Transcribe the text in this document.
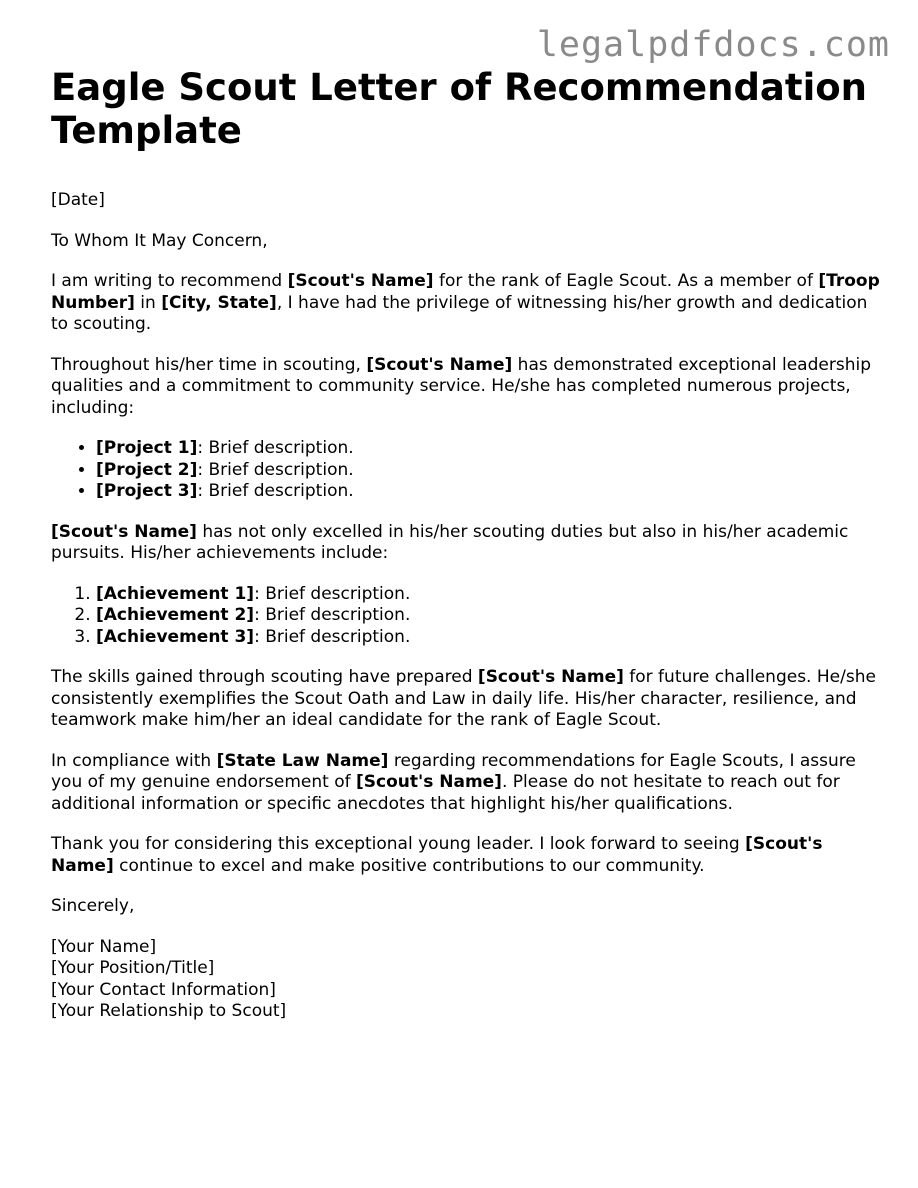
legalpdfdocs.com
Eagle Scout Letter of Recommendation Template

[Date]

To Whom It May Concern,

I am writing to recommend [Scout's Name] for the rank of Eagle Scout. As a member of [Troop Number] in [City, State], I have had the privilege of witnessing his/her growth and dedication to scouting.

Throughout his/her time in scouting, [Scout's Name] has demonstrated exceptional leadership qualities and a commitment to community service. He/she has completed numerous projects, including:

• [Project 1]: Brief description.
• [Project 2]: Brief description.
• [Project 3]: Brief description.

[Scout's Name] has not only excelled in his/her scouting duties but also in his/her academic pursuits. His/her achievements include:

1. [Achievement 1]: Brief description.
2. [Achievement 2]: Brief description.
3. [Achievement 3]: Brief description.

The skills gained through scouting have prepared [Scout's Name] for future challenges. He/she consistently exemplifies the Scout Oath and Law in daily life. His/her character, resilience, and teamwork make him/her an ideal candidate for the rank of Eagle Scout.

In compliance with [State Law Name] regarding recommendations for Eagle Scouts, I assure you of my genuine endorsement of [Scout's Name]. Please do not hesitate to reach out for additional information or specific anecdotes that highlight his/her qualifications.

Thank you for considering this exceptional young leader. I look forward to seeing [Scout's Name] continue to excel and make positive contributions to our community.

Sincerely,

[Your Name]
[Your Position/Title]
[Your Contact Information]
[Your Relationship to Scout]
